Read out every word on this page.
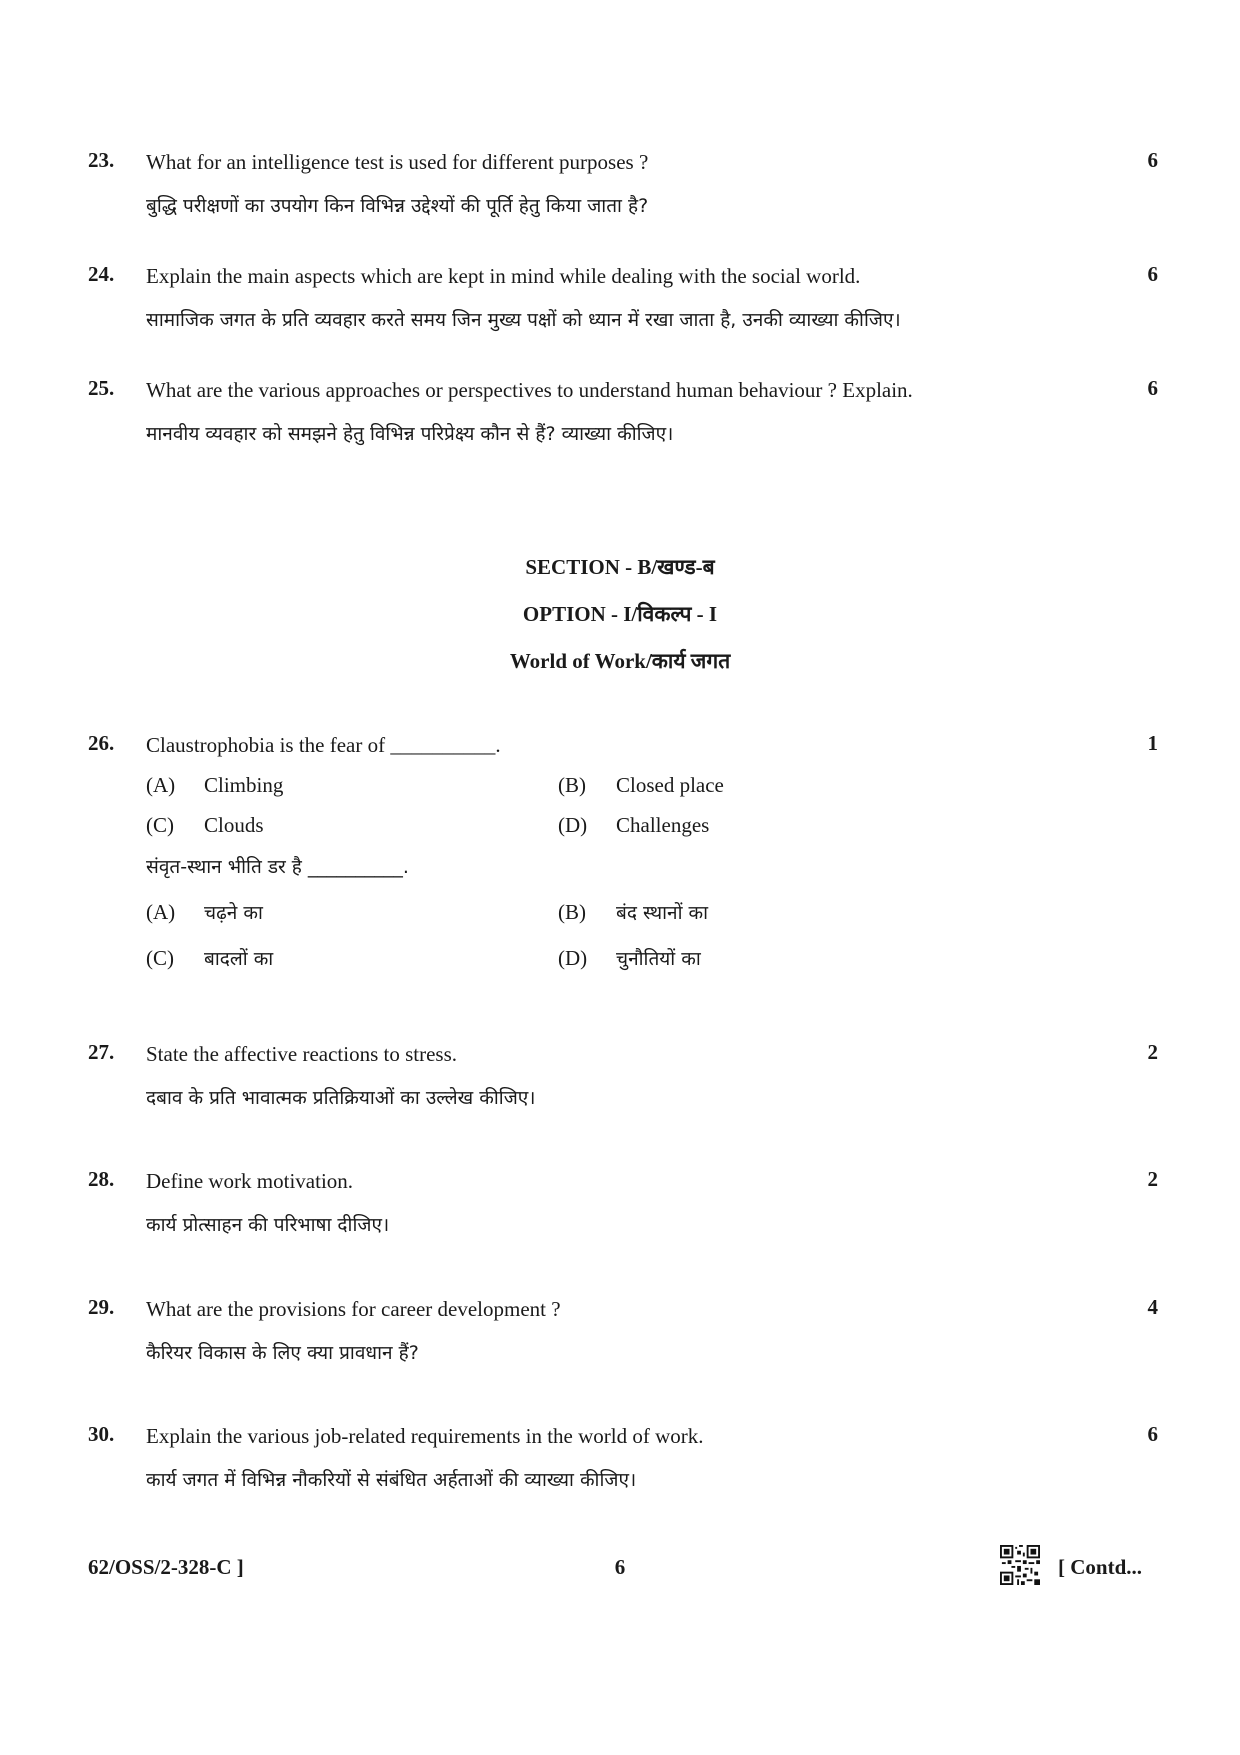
23. What for an intelligence test is used for different purposes ?
बुद्धि परीक्षणों का उपयोग किन विभिन्न उद्देश्यों की पूर्ति हेतु किया जाता है?
6
24. Explain the main aspects which are kept in mind while dealing with the social world.
सामाजिक जगत के प्रति व्यवहार करते समय जिन मुख्य पक्षों को ध्यान में रखा जाता है, उनकी व्याख्या कीजिए।
6
25. What are the various approaches or perspectives to understand human behaviour ? Explain.
मानवीय व्यवहार को समझने हेतु विभिन्न परिप्रेक्ष्य कौन से हैं? व्याख्या कीजिए।
6
SECTION - B/खण्ड-ब
OPTION - I/विकल्प - I
World of Work/कार्य जगत
26. Claustrophobia is the fear of __________.
(A) Climbing	(B) Closed place
(C) Clouds	(D) Challenges
संवृत-स्थान भीति डर है __________.
(A) चढ़ने का	(B) बंद स्थानों का
(C) बादलों का	(D) चुनौतियों का
1
27. State the affective reactions to stress.
दबाव के प्रति भावात्मक प्रतिक्रियाओं का उल्लेख कीजिए।
2
28. Define work motivation.
कार्य प्रोत्साहन की परिभाषा दीजिए।
2
29. What are the provisions for career development ?
कैरियर विकास के लिए क्या प्रावधान हैं?
4
30. Explain the various job-related requirements in the world of work.
कार्य जगत में विभिन्न नौकरियों से संबंधित अर्हताओं की व्याख्या कीजिए।
6
62/OSS/2-328-C ]	6	[ Contd...
